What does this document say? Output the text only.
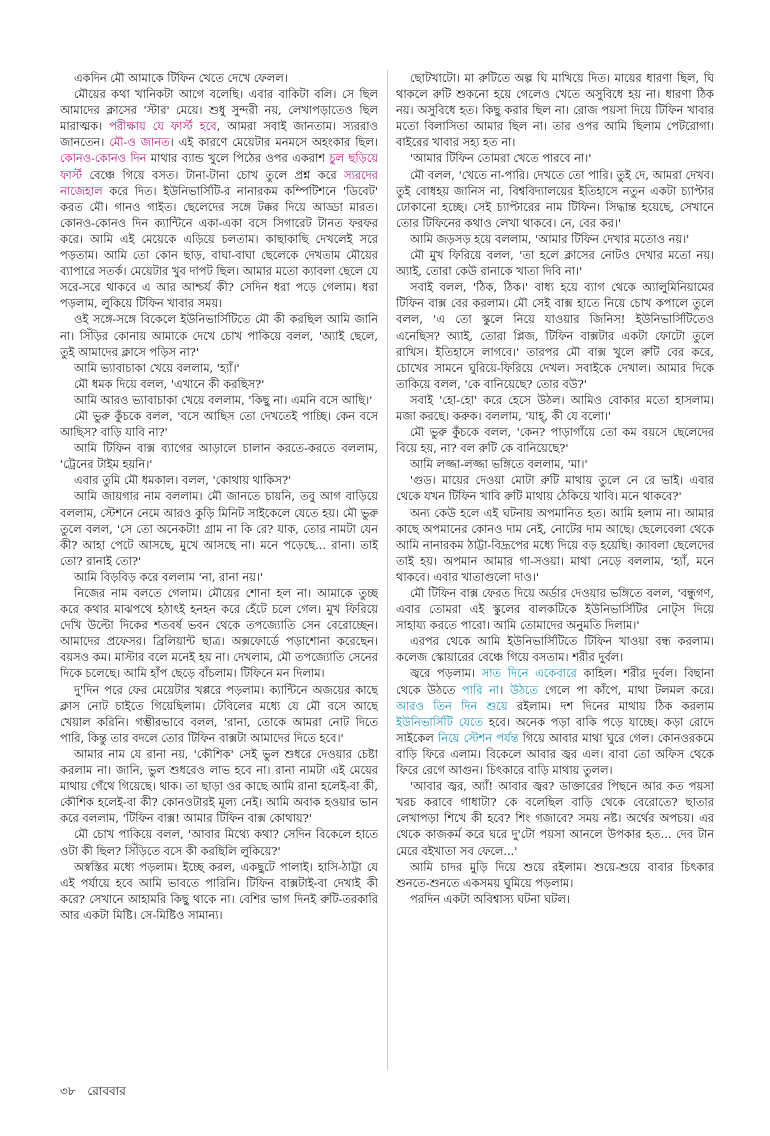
একদিন মৌ আমাকে টিফিন খেতে দেখে ফেলল।

মৌয়ের কথা খানিকটা আগে বলেছি। এবার বাকিটা বলি। সে ছিল আমাদের ক্লাসের 'স্টার' মেয়ে। শুধু সুন্দরী নয়, লেখাপড়াতেও ছিল মারাত্মক। পরীক্ষায় যে ফার্স্ট হবে, আমরা সবাই জানতাম। স্যররাও জানতেন। মৌ-ও জানত। এই কারণে মেয়েটার মনমসে অহংকার ছিল। কোনও-কোনও দিন মাথার ব্যান্ড খুলে পিঠের ওপর একরাশ চুল ছড়িয়ে ফার্স্ট বেঞ্চে গিয়ে বসত। টানা-টানা চোখ তুলে প্রশ্ন করে স্যরদের নাজেহাল করে দিত। ইউনিভার্সিটি-র নানারকম কম্পিটিশনে 'ডিবেট' করত মৌ। গানও গাইত। ছেলেদের সঙ্গে টক্কর দিয়ে আড্ডা মারত। কোনও-কোনও দিন ক্যান্টিনে একা-একা বসে সিগারেট টানত ফরফর করে। আমি এই মেয়েকে এড়িয়ে চলতাম। কাছাকাছি দেখলেই সরে পড়তাম। আমি তো কোন ছাড়, বাঘা-বাঘা ছেলেকে দেখতাম মৌয়ের ব্যাপারে সতর্ক। মেয়েটার খুব দাপট ছিল। আমার মতো ক্যাবলা ছেলে যে সরে-সরে থাকবে এ আর আশ্চর্য কী? সেদিন ধরা পড়ে গেলাম। ধরা পড়লাম, লুকিয়ে টিফিন খাবার সময়।

ওই সঙ্গে-সঙ্গে বিকেলে ইউনিভার্সিটিতে মৌ কী করছিল আমি জানি না। সিঁড়ির কোনায় আমাকে দেখে চোখ পাকিয়ে বলল, 'অ্যাই ছেলে, তুই আমাদের ক্লাসে পড়িস না?'

আমি ভ্যাবাচাকা খেয়ে বললাম, 'হ্যাঁ।'

মৌ ধমক দিয়ে বলল, 'এখানে কী করছিস?'

আমি আরও ভ্যাবাচাকা খেয়ে বললাম, 'কিছু না। এমনি বসে আছি।'

মৌ ভুরু কুঁচকে বলল, 'বসে আছিস তো দেখতেই পাচ্ছি। কেন বসে আছিস? বাড়ি যাবি না?'

আমি টিফিন বাক্স ব্যাগের আড়ালে চালান করতে-করতে বললাম, 'ট্রেনের টাইম হয়নি।'

এবার তুমি মৌ ধমকাল। বলল, 'কোথায় থাকিস?'

আমি জায়গার নাম বললাম। মৌ জানতে চায়নি, তবু আগ বাড়িয়ে বললাম, স্টেশনে নেমে আরও কুড়ি মিনিট সাইকেলে যেতে হয়। মৌ ভুরু তুলে বলল, 'সে তো অনেকটা! গ্রাম না কি রে? যাক, তোর নামটা যেন কী? আহা পেটে আসছে, মুখে আসছে না। মনে পড়েছে... রানা। তাই তো? রানাই তো?'

আমি বিড়বিড় করে বললাম 'না, রানা নয়।'

নিজের নাম বলতে গেলাম। মৌয়ের শোনা হল না। আমাকে তুচ্ছ করে কথার মাঝপথে হঠাৎই হনহন করে হেঁটে চলে গেল। মুখ ফিরিয়ে দেখি উল্টো দিকের শতবর্ষ ভবন থেকে তপজ্যোতি সেন বেরোচ্ছেন। আমাদের প্রফেসর। ব্রিলিয়ান্ট ছাত্র। অক্সফোর্ডে পড়াশোনা করেছেন। বয়সও কম। মাস্টার বলে মনেই হয় না। দেখলাম, মৌ তপজ্যোতি সেনের দিকে চলেছে। আমি হাঁপ ছেড়ে বাঁচলাম। টিফিনে মন দিলাম।

দু'দিন পরে ফের মেয়েটার খপ্পরে পড়লাম। ক্যান্টিনে অজয়ের কাছে ক্লাস নোট চাইতে গিয়েছিলাম। টেবিলের মধ্যে যে মৌ বসে আছে খেয়াল করিনি। গম্ভীরভাবে বলল, 'রানা, তোকে আমরা নোট দিতে পারি, কিন্তু তার বদলে তোর টিফিন বাক্সটা আমাদের দিতে হবে।'

আমার নাম যে রানা নয়, 'কৌশিক' সেই ভুল শুধরে দেওয়ার চেষ্টা করলাম না। জানি, ভুল শুধরেও লাভ হবে না। রানা নামটা এই মেয়ের মাথায় গেঁথে গিয়েছে। থাক। তা ছাড়া ওর কাছে আমি রানা হলেই-বা কী, কৌশিক হলেই-বা কী? কোনওটারই মূল্য নেই। আমি অবাক হওয়ার ভান করে বললাম, 'টিফিন বাক্স! আমার টিফিন বাক্স কোথায়?'

মৌ চোখ পাকিয়ে বলল, 'আবার মিথ্যে কথা? সেদিন বিকেলে হাতে ওটা কী ছিল? সিঁড়িতে বসে কী করছিলি লুকিয়ে?'

অস্বস্তির মধ্যে পড়লাম। ইচ্ছে করল, একছুটে পালাই। হাসি-ঠাট্টা যে এই পর্যায়ে হবে আমি ভাবতে পারিনি। টিফিন বাক্সটাই-বা দেখাই কী করে? সেখানে আহামরি কিছু থাকে না। বেশির ভাগ দিনই রুটি-তরকারি আর একটা মিষ্টি। সে-মিষ্টিও সামান্য।

ছোটখাটো। মা রুটিতে অল্প ঘি মাখিয়ে দিত। মায়ের ধারণা ছিল, ঘি থাকলে রুটি শুকনো হয়ে গেলেও খেতে অসুবিধে হয় না। ধারণা ঠিক নয়। অসুবিধে হত। কিছু করার ছিল না। রোজ পয়সা দিয়ে টিফিন খাবার মতো বিলাসিতা আমার ছিল না। তার ওপর আমি ছিলাম পেটরোগা। বাইরের খাবার সহ্য হত না।

'আমার টিফিন তোমরা খেতে পারবে না।'

মৌ বলল, 'খেতে না-পারি। দেখতে তো পারি। তুই দে, আমরা দেখব। তুই বোধহয় জানিস না, বিশ্ববিদ্যালয়ের ইতিহাসে নতুন একটা চ্যাপ্টার ঢোকানো হচ্ছে। সেই চ্যাপ্টারের নাম টিফিন। সিদ্ধান্ত হয়েছে, সেখানে তোর টিফিনের কথাও লেখা থাকবে। নে, বের কর।'

আমি জড়সড় হয়ে বললাম, 'আমার টিফিন দেখার মতোও নয়।'

মৌ মুখ ফিরিয়ে বলল, 'তা হলে ক্লাসের নোটও দেখার মতো নয়। অ্যাই, তোরা কেউ রানাকে খাতা দিবি না।'

সবাই বলল, 'ঠিক, ঠিক।' বাধ্য হয়ে ব্যাগ থেকে অ্যালুমিনিয়ামের টিফিন বাক্স বের করলাম। মৌ সেই বাক্স হাতে নিয়ে চোখ কপালে তুলে বলল, 'এ তো স্কুলে নিয়ে যাওয়ার জিনিস! ইউনিভার্সিটিতেও এনেছিস? অ্যাই, তোরা প্লিজ, টিফিন বাক্সটার একটা ফোটো তুলে রাখিস। ইতিহাসে লাগবে।' তারপর মৌ বাক্স খুলে রুটি বের করে, চোখের সামনে ঘুরিয়ে-ফিরিয়ে দেখল। সবাইকে দেখাল। আমার দিকে তাকিয়ে বলল, 'কে বানিয়েছে? তোর বউ?'

সবাই 'হো-হো' করে হেসে উঠল। আমিও বোকার মতো হাসলাম। মজা করছে। করুক। বললাম, 'যাহ্, কী যে বলো।'

মৌ ভুরু কুঁচকে বলল, 'কেন? পাড়াগাঁয়ে তো কম বয়সে ছেলেদের বিয়ে হয়, না? বল রুটি কে বানিয়েছে?'

আমি লজ্জা-লজ্জা ভঙ্গিতে বললাম, 'মা।'

'গুড। মায়ের দেওয়া মোটা রুটি মাথায় তুলে নে রে ভাই। এবার থেকে যখন টিফিন খাবি রুটি মাথায় ঠেকিয়ে খাবি। মনে থাকবে?'

অন্য কেউ হলে এই ঘটনায় অপমানিত হত। আমি হলাম না। আমার কাছে অপমানের কোনও দাম নেই, নোটের দাম আছে। ছেলেবেলা থেকে আমি নানারকম ঠাট্টা-বিদ্রূপের মধ্যে দিয়ে বড় হয়েছি। ক্যাবলা ছেলেদের তাই হয়। অপমান আমার গা-সওয়া। মাথা নেড়ে বললাম, 'হ্যাঁ, মনে থাকবে। এবার খাতাগুলো দাও।'

মৌ টিফিন বাক্স ফেরত দিয়ে অর্ডার দেওয়ার ভঙ্গিতে বলল, 'বন্ধুগণ, এবার তোমরা এই স্কুলের বালকটিকে ইউনিভার্সিটির নোট্স দিয়ে সাহায্য করতে পারো। আমি তোমাদের অনুমতি দিলাম।'

এরপর থেকে আমি ইউনিভার্সিটিতে টিফিন খাওয়া বন্ধ করলাম। কলেজ স্কোয়ারের বেঞ্চে গিয়ে বসতাম। শরীর দুর্বল।

জ্বরে পড়লাম। সাত দিনে একেবারে কাহিল। শরীর দুর্বল। বিছানা থেকে উঠতে পারি না। উঠতে গেলে পা কাঁপে, মাথা টলমল করে। আরও তিন দিন শুয়ে রইলাম। দশ দিনের মাথায় ঠিক করলাম ইউনিভার্সিটি যেতে হবে। অনেক পড়া বাকি পড়ে যাচ্ছে। কড়া রোদে সাইকেল নিয়ে স্টেশন পর্যন্ত গিয়ে আবার মাথা ঘুরে গেল। কোনওরকমে বাড়ি ফিরে এলাম। বিকেলে আবার জ্বর এল। বাবা তো অফিস থেকে ফিরে রেগে আগুন। চিৎকারে বাড়ি মাথায় তুলল।

'আবার জ্বর, অ্যাঁ! আবার জ্বর? ডাক্তারের পিছনে আর কত পয়সা খরচ করাবে গাধাটা? কে বলেছিল বাড়ি থেকে বেরোতে? ছাতার লেখাপড়া শিখে কী হবে? শিং গজাবে? সময় নষ্ট। অর্থের অপচয়। এর থেকে কাজকর্ম করে ঘরে দু'টো পয়সা আনলে উপকার হত... দেব টান মেরে বইখাতা সব ফেলে...'

আমি চাদর মুড়ি দিয়ে শুয়ে রইলাম। শুয়ে-শুয়ে বাবার চিৎকার শুনতে-শুনতে একসময় ঘুমিয়ে পড়লাম।

পরদিন একটা অবিশ্বাস্য ঘটনা ঘটল।

৩৮ রোববার
